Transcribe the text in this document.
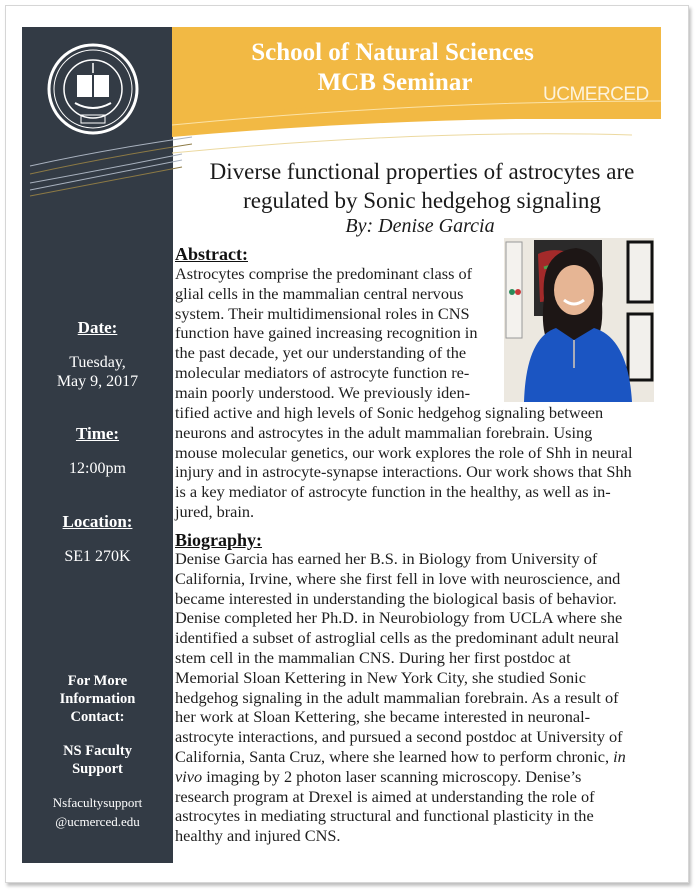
School of Natural Sciences
MCB Seminar	UCMERCED
Diverse functional properties of astrocytes are
regulated by Sonic hedgehog signaling
By: Denise Garcia
Abstract:
Astrocytes comprise the predominant class of
glial cells in the mammalian central nervous
system. Their multidimensional roles in CNS
function have gained increasing recognition in
the past decade, yet our understanding of the
molecular mediators of astrocyte function re-
main poorly understood. We previously iden-
tified active and high levels of Sonic hedgehog signaling between
neurons and astrocytes in the adult mammalian forebrain. Using
mouse molecular genetics, our work explores the role of Shh in neural
injury and in astrocyte-synapse interactions. Our work shows that Shh
is a key mediator of astrocyte function in the healthy, as well as in-
jured, brain.
Biography:
Denise Garcia has earned her B.S. in Biology from University of
California, Irvine, where she first fell in love with neuroscience, and
became interested in understanding the biological basis of behavior.
Denise completed her Ph.D. in Neurobiology from UCLA where she
identified a subset of astroglial cells as the predominant adult neural
stem cell in the mammalian CNS. During her first postdoc at
Memorial Sloan Kettering in New York City, she studied Sonic
hedgehog signaling in the adult mammalian forebrain. As a result of
her work at Sloan Kettering, she became interested in neuronal-
astrocyte interactions, and pursued a second postdoc at University of
California, Santa Cruz, where she learned how to perform chronic, in
vivo imaging by 2 photon laser scanning microscopy. Denise’s
research program at Drexel is aimed at understanding the role of
astrocytes in mediating structural and functional plasticity in the
healthy and injured CNS.
Date:
Tuesday,
May 9, 2017
Time:
12:00pm
Location:
SE1 270K
For More
Information
Contact:
NS Faculty
Support
Nsfacultysupport
@ucmerced.edu
